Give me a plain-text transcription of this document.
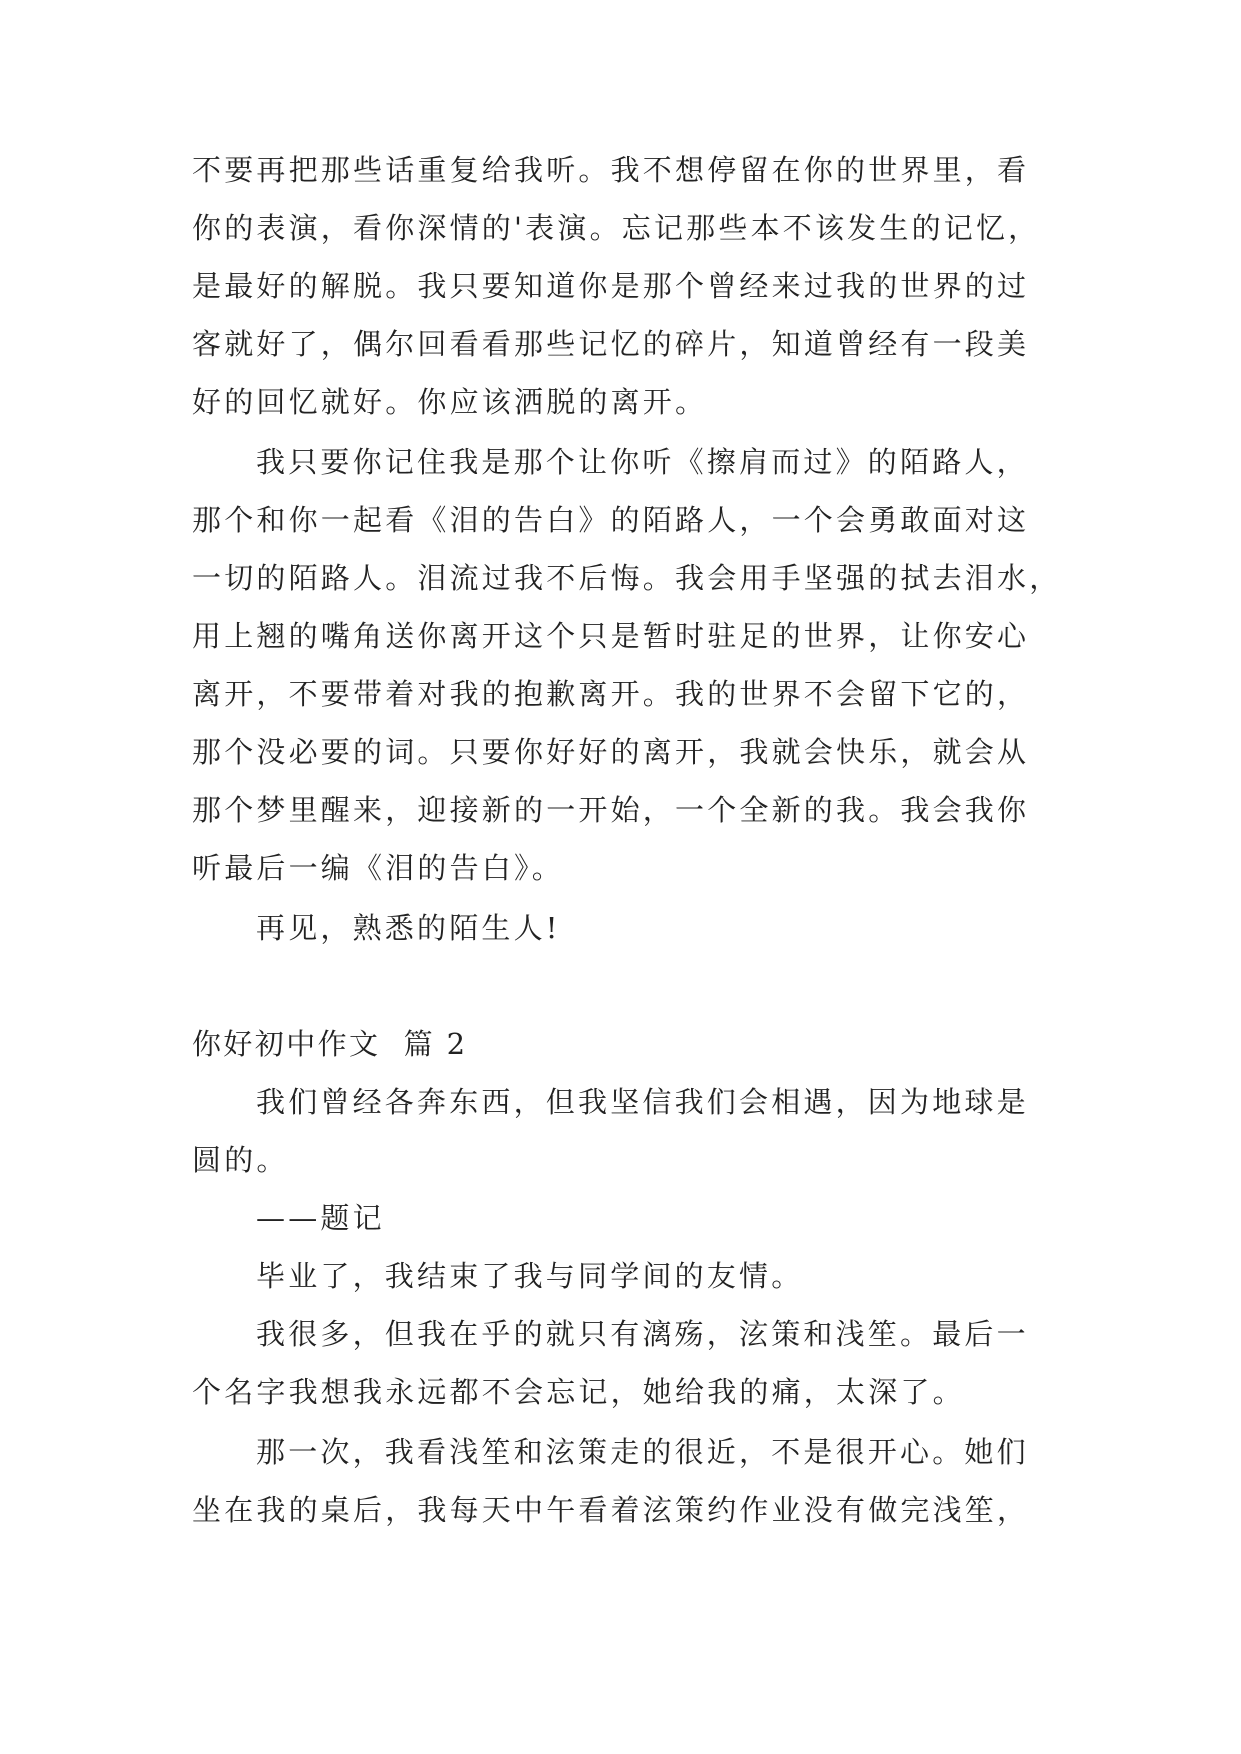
不要再把那些话重复给我听。我不想停留在你的世界里，看
你的表演，看你深情的'表演。忘记那些本不该发生的记忆，
是最好的解脱。我只要知道你是那个曾经来过我的世界的过
客就好了，偶尔回看看那些记忆的碎片，知道曾经有一段美
好的回忆就好。你应该洒脱的离开。
我只要你记住我是那个让你听《擦肩而过》的陌路人，
那个和你一起看《泪的告白》的陌路人，一个会勇敢面对这
一切的陌路人。泪流过我不后悔。我会用手坚强的拭去泪水，
用上翘的嘴角送你离开这个只是暂时驻足的世界，让你安心
离开，不要带着对我的抱歉离开。我的世界不会留下它的，
那个没必要的词。只要你好好的离开，我就会快乐，就会从
那个梦里醒来，迎接新的一开始，一个全新的我。我会我你
听最后一编《泪的告白》。
再见，熟悉的陌生人!
你好初中作文  篇 2
我们曾经各奔东西，但我坚信我们会相遇，因为地球是
圆的。
——题记
毕业了，我结束了我与同学间的友情。
我很多，但我在乎的就只有漓殇，泫策和浅笙。最后一
个名字我想我永远都不会忘记，她给我的痛，太深了。
那一次，我看浅笙和泫策走的很近，不是很开心。她们
坐在我的桌后，我每天中午看着泫策约作业没有做完浅笙，
